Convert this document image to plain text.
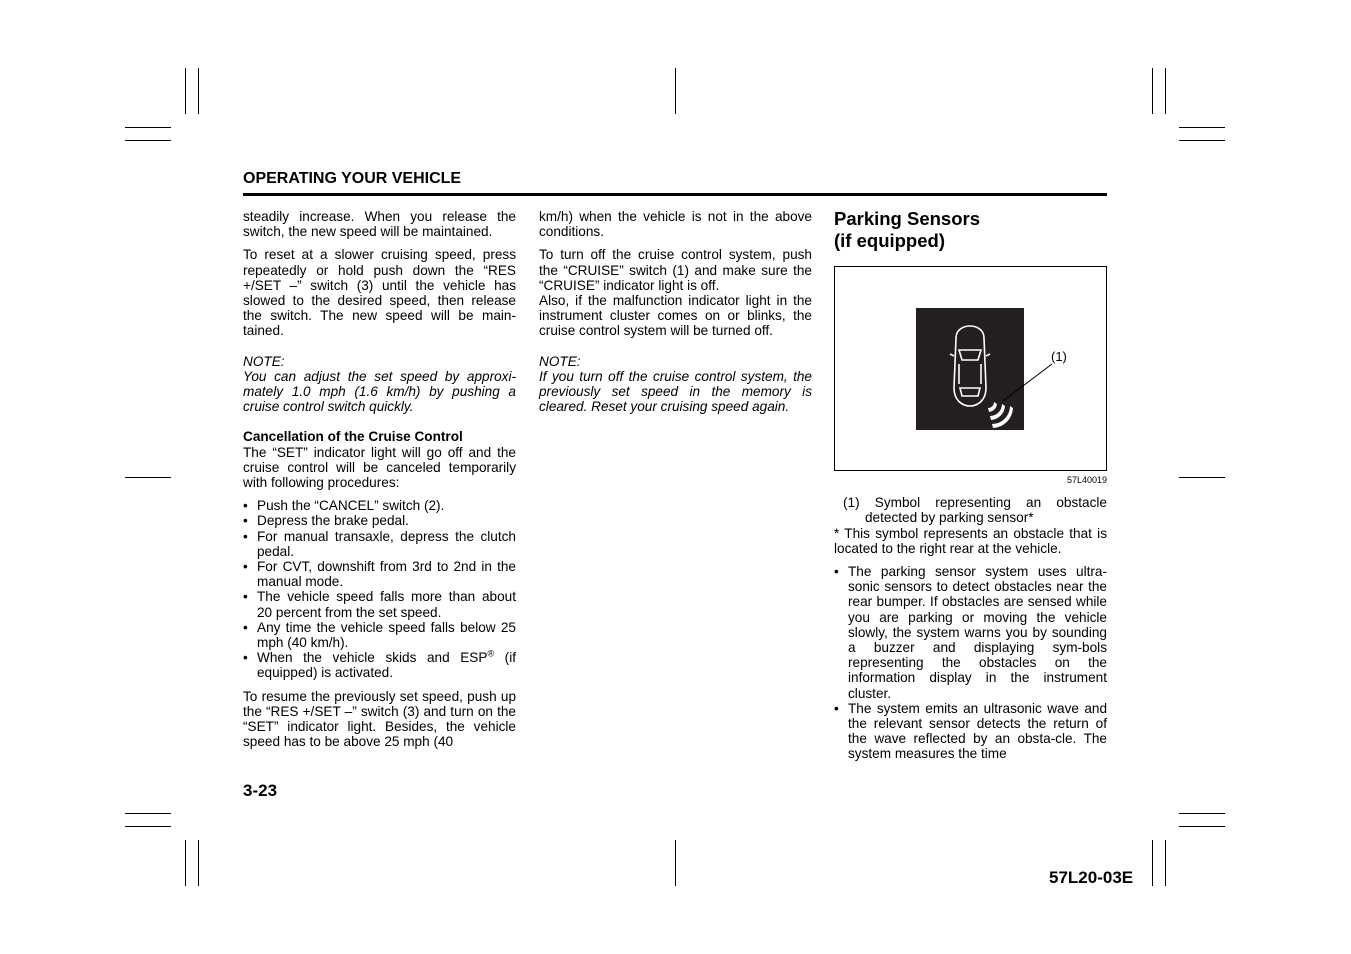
OPERATING YOUR VEHICLE

steadily increase. When you release the switch, the new speed will be maintained.

To reset at a slower cruising speed, press repeatedly or hold push down the “RES +/SET –” switch (3) until the vehicle has slowed to the desired speed, then release the switch. The new speed will be main-tained.

NOTE:

You can adjust the set speed by approxi-mately 1.0 mph (1.6 km/h) by pushing a cruise control switch quickly.

Cancellation of the Cruise Control

The “SET” indicator light will go off and the cruise control will be canceled temporarily with following procedures:

• Push the “CANCEL” switch (2).
• Depress the brake pedal.
• For manual transaxle, depress the clutch pedal.
• For CVT, downshift from 3rd to 2nd in the manual mode.
• The vehicle speed falls more than about 20 percent from the set speed.
• Any time the vehicle speed falls below 25 mph (40 km/h).
• When the vehicle skids and ESP® (if equipped) is activated.

To resume the previously set speed, push up the “RES +/SET –” switch (3) and turn on the “SET” indicator light. Besides, the vehicle speed has to be above 25 mph (40

km/h) when the vehicle is not in the above conditions.

To turn off the cruise control system, push the “CRUISE” switch (1) and make sure the “CRUISE” indicator light is off.

Also, if the malfunction indicator light in the instrument cluster comes on or blinks, the cruise control system will be turned off.

NOTE:

If you turn off the cruise control system, the previously set speed in the memory is cleared. Reset your cruising speed again.

Parking Sensors
(if equipped)
(1)
57L40019

(1) Symbol representing an obstacle detected by parking sensor*

* This symbol represents an obstacle that is located to the right rear at the vehicle.

• The parking sensor system uses ultra-sonic sensors to detect obstacles near the rear bumper. If obstacles are sensed while you are parking or moving the vehicle slowly, the system warns you by sounding a buzzer and displaying sym-bols representing the obstacles on the information display in the instrument cluster.
• The system emits an ultrasonic wave and the relevant sensor detects the return of the wave reflected by an obsta-cle. The system measures the time
3-23
57L20-03E
